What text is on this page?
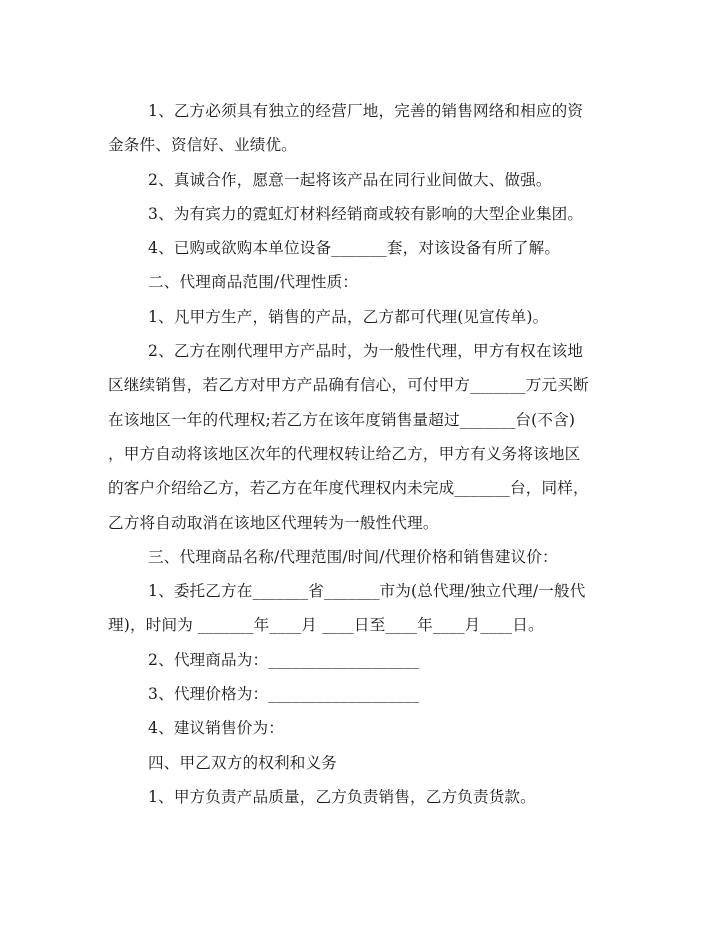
1、乙方必须具有独立的经营厂地，完善的销售网络和相应的资

金条件、资信好、业绩优。

2、真诚合作，愿意一起将该产品在同行业间做大、做强。

3、为有宾力的霓虹灯材料经销商或较有影响的大型企业集团。

4、已购或欲购本单位设备_______套，对该设备有所了解。

二、代理商品范围/代理性质：

1、凡甲方生产，销售的产品，乙方都可代理(见宣传单)。

2、乙方在刚代理甲方产品时，为一般性代理，甲方有权在该地

区继续销售，若乙方对甲方产品确有信心，可付甲方_______万元买断

在该地区一年的代理权;若乙方在该年度销售量超过_______台(不含)

，甲方自动将该地区次年的代理权转让给乙方，甲方有义务将该地区

的客户介绍给乙方，若乙方在年度代理权内未完成_______台，同样，

乙方将自动取消在该地区代理转为一般性代理。

三、代理商品名称/代理范围/时间/代理价格和销售建议价：

1、委托乙方在_______省_______市为(总代理/独立代理/一般代

理)，时间为 _______年____月 ____日至____年____月____日。

2、代理商品为：___________________

3、代理价格为：___________________

4、建议销售价为：

四、甲乙双方的权利和义务

1、甲方负责产品质量，乙方负责销售，乙方负责货款。
